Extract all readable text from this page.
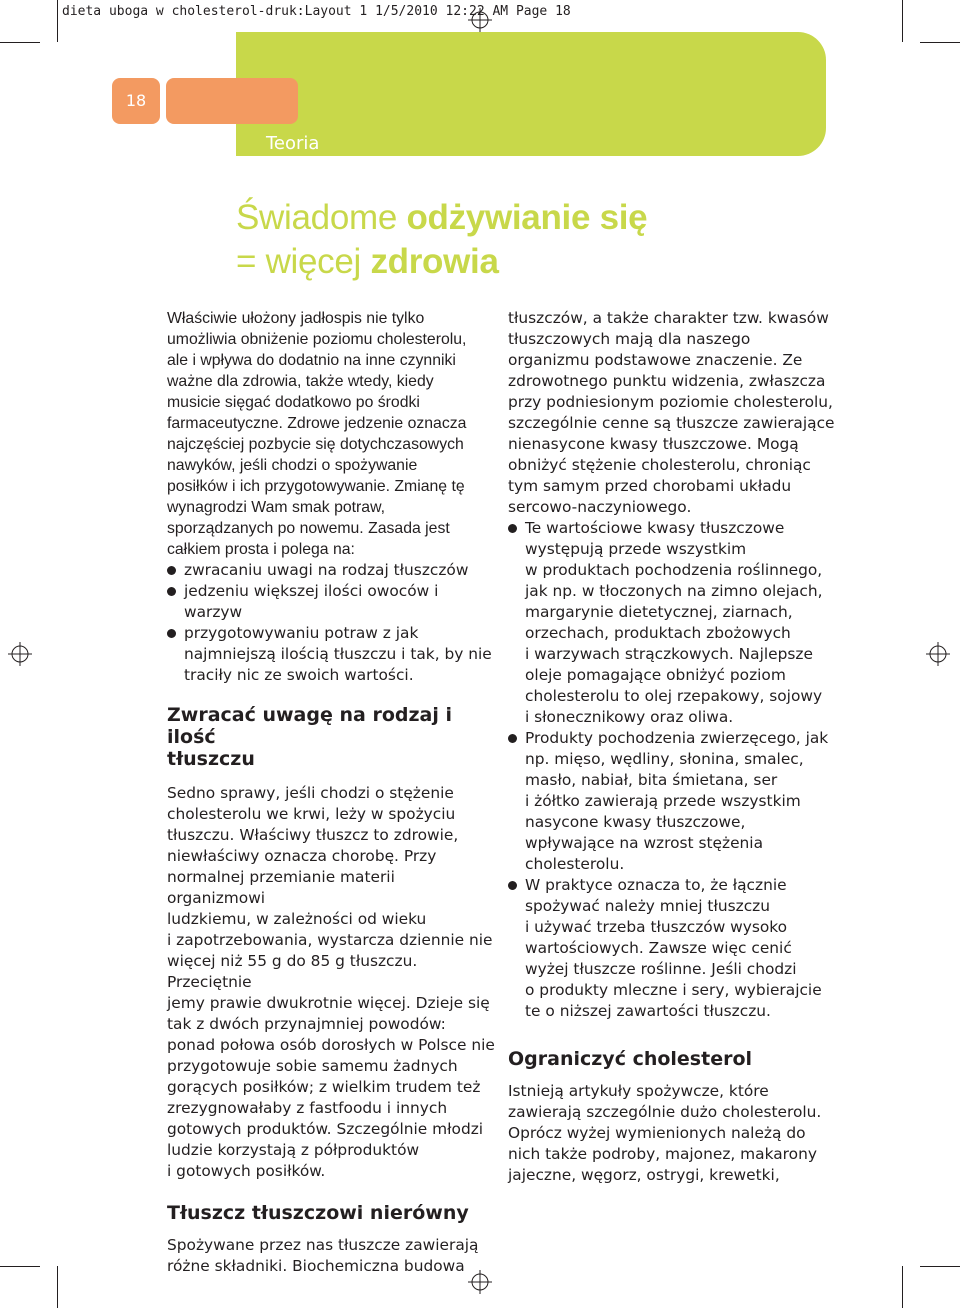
dieta uboga w cholesterol-druk:Layout 1 1/5/2010 12:22 AM Page 18
18
Teoria
Świadome odżywianie się
= więcej zdrowia

Właściwie ułożony jadłospis nie tylko
umożliwia obniżenie poziomu cholesterolu,
ale i wpływa do dodatnio na inne czynniki
ważne dla zdrowia, także wtedy, kiedy
musicie sięgać dodatkowo po środki
farmaceutyczne. Zdrowe jedzenie oznacza
najczęściej pozbycie się dotychczasowych
nawyków, jeśli chodzi o spożywanie
posiłków i ich przygotowywanie. Zmianę tę
wynagrodzi Wam smak potraw,
sporządzanych po nowemu. Zasada jest
całkiem prosta i polega na:

zwracaniu uwagi na rodzaj tłuszczów
jedzeniu większej ilości owoców i warzyw
przygotowywaniu potraw z jak
najmniejszą ilością tłuszczu i tak, by nie
traciły nic ze swoich wartości.

Zwracać uwagę na rodzaj i ilość
tłuszczu

Sedno sprawy, jeśli chodzi o stężenie
cholesterolu we krwi, leży w spożyciu
tłuszczu. Właściwy tłuszcz to zdrowie,
niewłaściwy oznacza chorobę. Przy
normalnej przemianie materii organizmowi
ludzkiemu, w zależności od wieku
i zapotrzebowania, wystarcza dziennie nie
więcej niż 55 g do 85 g tłuszczu. Przeciętnie
jemy prawie dwukrotnie więcej. Dzieje się
tak z dwóch przynajmniej powodów:
ponad połowa osób dorosłych w Polsce nie
przygotowuje sobie samemu żadnych
gorących posiłków; z wielkim trudem też
zrezygnowałaby z fastfoodu i innych
gotowych produktów. Szczególnie młodzi
ludzie korzystają z półproduktów
i gotowych posiłków.

Tłuszcz tłuszczowi nierówny

Spożywane przez nas tłuszcze zawierają
różne składniki. Biochemiczna budowa

tłuszczów, a także charakter tzw. kwasów
tłuszczowych mają dla naszego
organizmu podstawowe znaczenie. Ze
zdrowotnego punktu widzenia, zwłaszcza
przy podniesionym poziomie cholesterolu,
szczególnie cenne są tłuszcze zawierające
nienasycone kwasy tłuszczowe. Mogą
obniżyć stężenie cholesterolu, chroniąc
tym samym przed chorobami układu
sercowo-naczyniowego.

Te wartościowe kwasy tłuszczowe
występują przede wszystkim
w produktach pochodzenia roślinnego,
jak np. w tłoczonych na zimno olejach,
margarynie dietetycznej, ziarnach,
orzechach, produktach zbożowych
i warzywach strączkowych. Najlepsze
oleje pomagające obniżyć poziom
cholesterolu to olej rzepakowy, sojowy
i słonecznikowy oraz oliwa.
Produkty pochodzenia zwierzęcego, jak
np. mięso, wędliny, słonina, smalec,
masło, nabiał, bita śmietana, ser
i żółtko zawierają przede wszystkim
nasycone kwasy tłuszczowe,
wpływające na wzrost stężenia
cholesterolu.
W praktyce oznacza to, że łącznie
spożywać należy mniej tłuszczu
i używać trzeba tłuszczów wysoko
wartościowych. Zawsze więc cenić
wyżej tłuszcze roślinne. Jeśli chodzi
o produkty mleczne i sery, wybierajcie
te o niższej zawartości tłuszczu.

Ograniczyć cholesterol

Istnieją artykuły spożywcze, które
zawierają szczególnie dużo cholesterolu.
Oprócz wyżej wymienionych należą do
nich także podroby, majonez, makarony
jajeczne, węgorz, ostrygi, krewetki,
